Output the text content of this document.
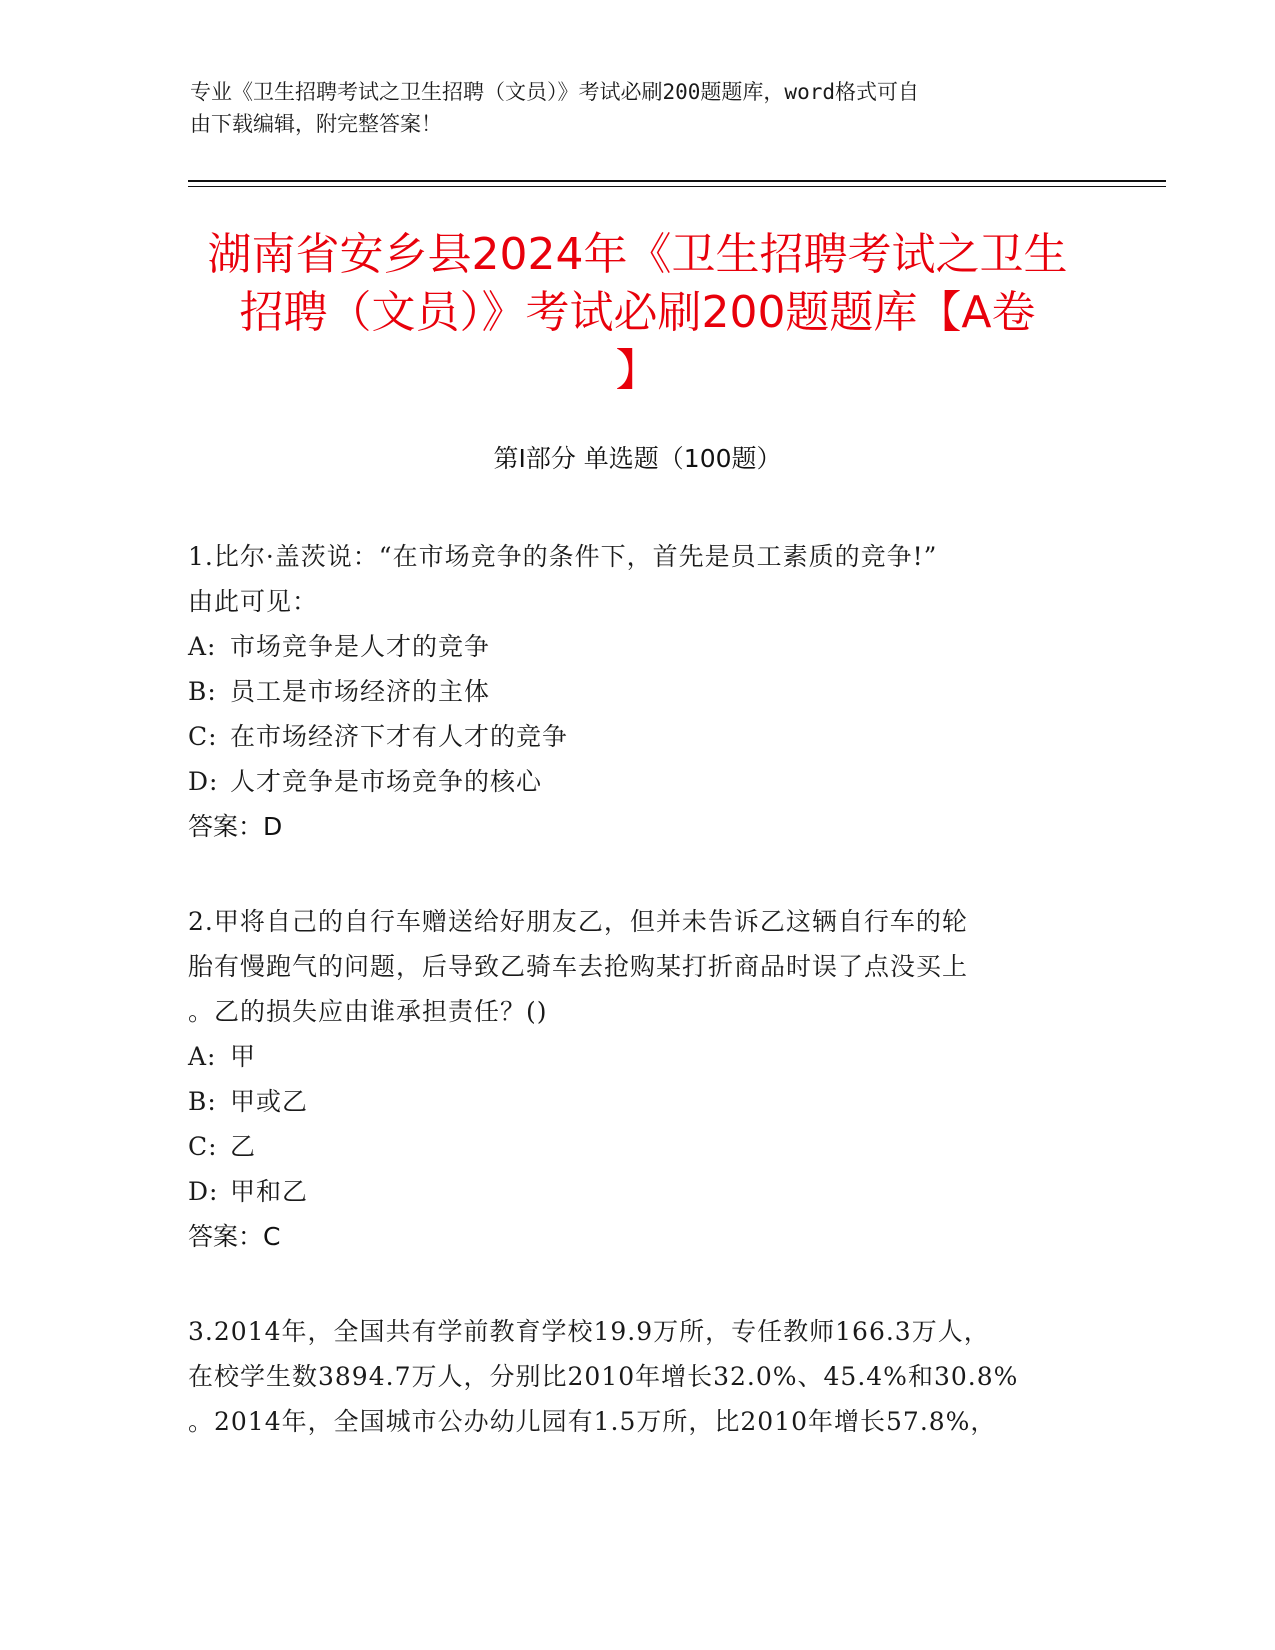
专业《卫生招聘考试之卫生招聘（文员）》考试必刷200题题库，word格式可自
由下载编辑，附完整答案！
湖南省安乡县2024年《卫生招聘考试之卫生
招聘（文员）》考试必刷200题题库【A卷
】
第Ⅰ部分 单选题（100题）
1.比尔·盖茨说：“在市场竞争的条件下，首先是员工素质的竞争!”
由此可见：
A: 市场竞争是人才的竞争
B: 员工是市场经济的主体
C: 在市场经济下才有人才的竞争
D: 人才竞争是市场竞争的核心
答案：D
2.甲将自己的自行车赠送给好朋友乙，但并未告诉乙这辆自行车的轮
胎有慢跑气的问题，后导致乙骑车去抢购某打折商品时误了点没买上
。乙的损失应由谁承担责任？()
A: 甲
B: 甲或乙
C: 乙
D: 甲和乙
答案：C
3.2014年，全国共有学前教育学校19.9万所，专任教师166.3万人，
在校学生数3894.7万人，分别比2010年增长32.0%、45.4%和30.8%
。2014年，全国城市公办幼儿园有1.5万所，比2010年增长57.8%，
